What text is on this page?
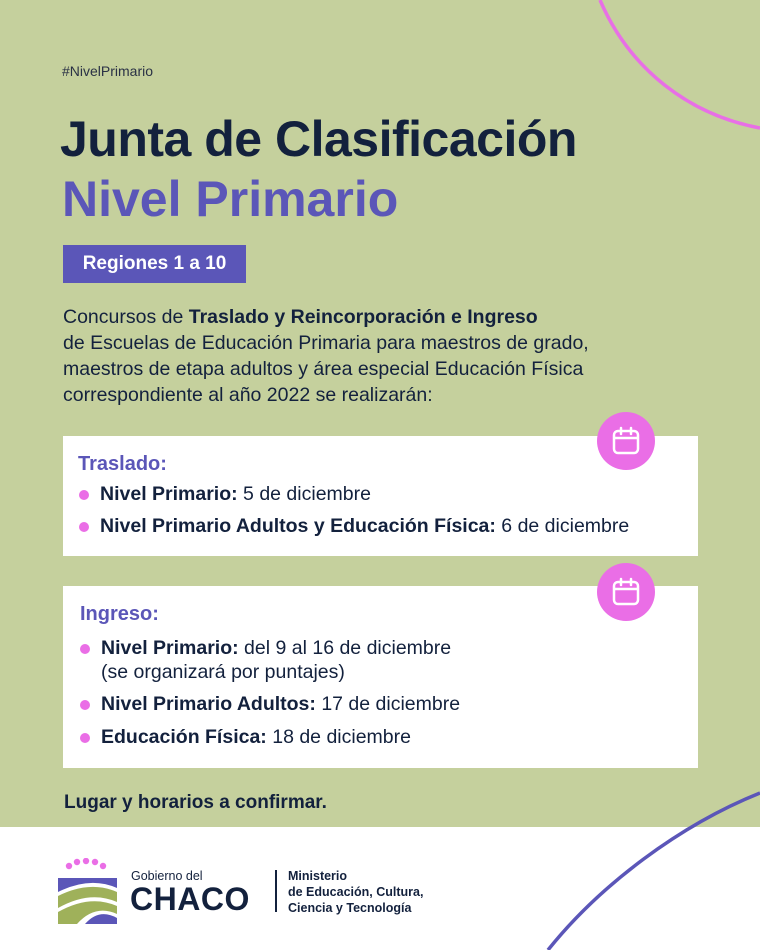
#NivelPrimario
Junta de Clasificación
Nivel Primario
Regiones 1 a 10
Concursos de Traslado y Reincorporación e Ingreso
de Escuelas de Educación Primaria para maestros de grado,
maestros de etapa adultos y área especial Educación Física
correspondiente al año 2022 se realizarán:
Traslado:
Nivel Primario: 5 de diciembre
Nivel Primario Adultos y Educación Física: 6 de diciembre
Ingreso:
Nivel Primario: del 9 al 16 de diciembre
(se organizará por puntajes)
Nivel Primario Adultos: 17 de diciembre
Educación Física: 18 de diciembre
Lugar y horarios a confirmar.
Gobierno del
CHACO
Ministerio
de Educación, Cultura,
Ciencia y Tecnología
